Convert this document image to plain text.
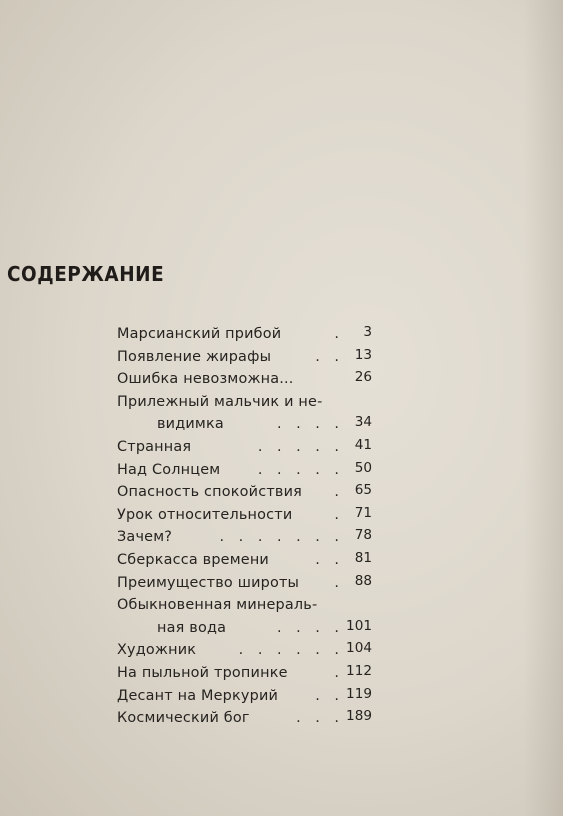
СОДЕРЖАНИЕ
Марсианский прибой	. 3
Появление жирафы	. . 13
Ошибка невозможна...	26
Прилежный мальчик и не-
видимка	. . . . 34
Странная	. . . . . 41
Над Солнцем	. . . . . 50
Опасность спокойствия . 65
Урок относительности	. 71
Зачем?	. . . . . . . 78
Сберкасса времени	. . 81
Преимущество широты . 88
Обыкновенная минераль-
ная вода	. . . . 101
Художник	. . . . . . 104
На пыльной тропинке	. 112
Десант на Меркурий	. . 119
Космический бог	. . . 189
